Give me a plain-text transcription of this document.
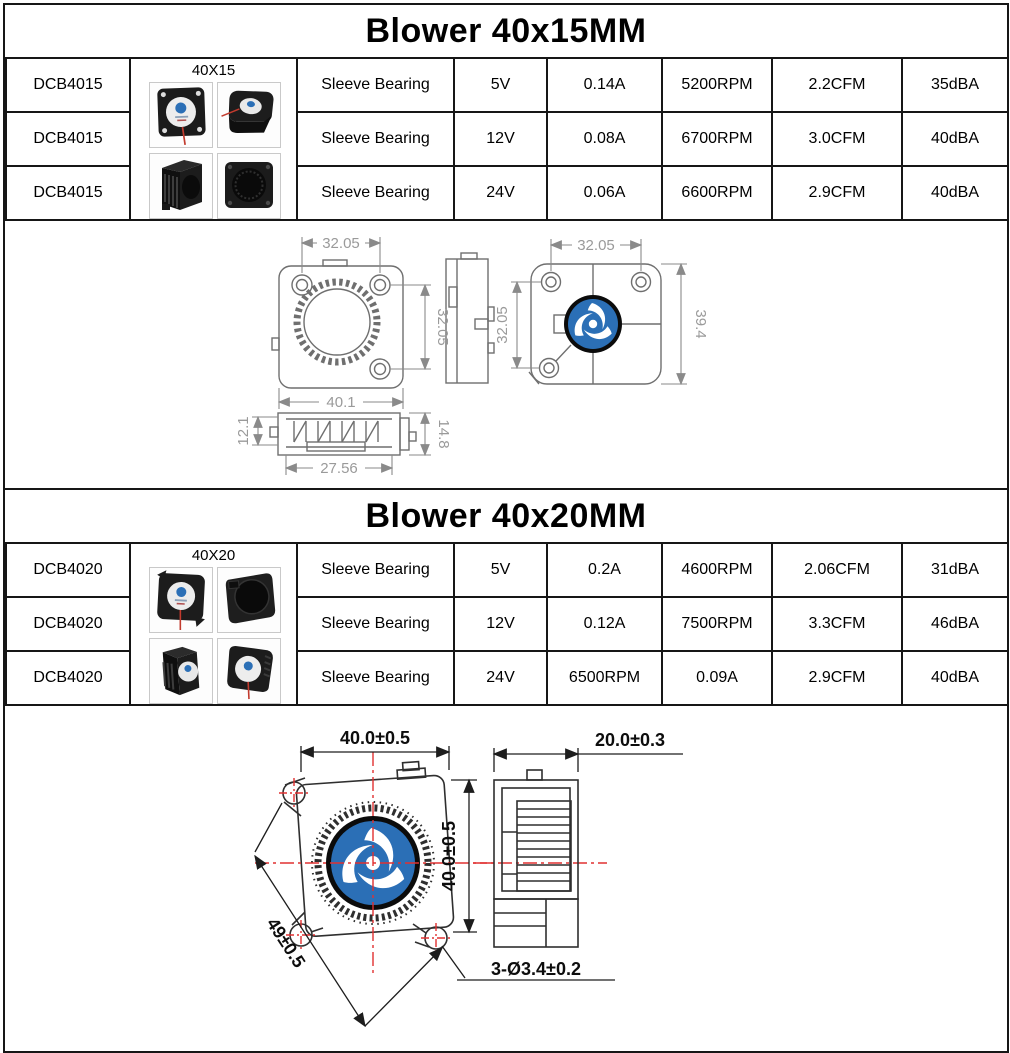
Blower 40x15MM
DCB4015	40X15	Sleeve Bearing	5V	0.14A	5200RPM	2.2CFM	35dBA
DCB4015		Sleeve Bearing	12V	0.08A	6700RPM	3.0CFM	40dBA
DCB4015		Sleeve Bearing	24V	0.06A	6600RPM	2.9CFM	40dBA
32.05
32.05
40.1
32.05
32.05	39.4
12.1	14.8
27.56
Blower 40x20MM
DCB4020	40X20	Sleeve Bearing	5V	0.2A	4600RPM	2.06CFM	31dBA
DCB4020		Sleeve Bearing	12V	0.12A	7500RPM	3.3CFM	46dBA
DCB4020		Sleeve Bearing	24V	6500RPM	0.09A	2.9CFM	40dBA
40.0±0.5
40.0±0.5
49±0.5
20.0±0.3
3-Ø3.4±0.2
